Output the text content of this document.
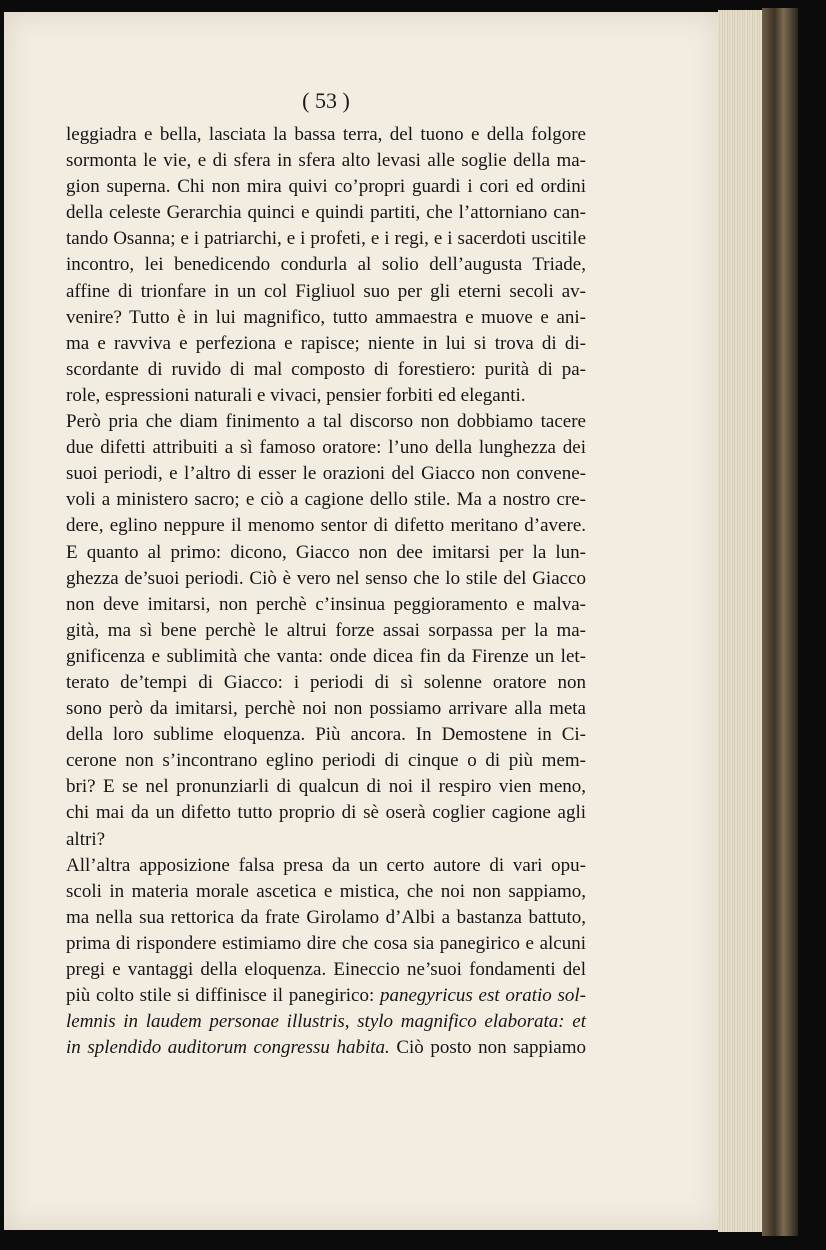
( 53 )
leggiadra e bella, lasciata la bassa terra, del tuono e della folgore
sormonta le vie, e di sfera in sfera alto levasi alle soglie della ma-
gion superna. Chi non mira quivi co’propri guardi i cori ed ordini
della celeste Gerarchia quinci e quindi partiti, che l’attorniano can-
tando Osanna; e i patriarchi, e i profeti, e i regi, e i sacerdoti uscitile
incontro, lei benedicendo condurla al solio dell’augusta Triade,
affine di trionfare in un col Figliuol suo per gli eterni secoli av-
venire? Tutto è in lui magnifico, tutto ammaestra e muove e ani-
ma e ravviva e perfeziona e rapisce; niente in lui si trova di di-
scordante di ruvido di mal composto di forestiero: purità di pa-
role, espressioni naturali e vivaci, pensier forbiti ed eleganti.
Però pria che diam finimento a tal discorso non dobbiamo tacere
due difetti attribuiti a sì famoso oratore: l’uno della lunghezza dei
suoi periodi, e l’altro di esser le orazioni del Giacco non convene-
voli a ministero sacro; e ciò a cagione dello stile. Ma a nostro cre-
dere, eglino neppure il menomo sentor di difetto meritano d’avere.
E quanto al primo: dicono, Giacco non dee imitarsi per la lun-
ghezza de’suoi periodi. Ciò è vero nel senso che lo stile del Giacco
non deve imitarsi, non perchè c’insinua peggioramento e malva-
gità, ma sì bene perchè le altrui forze assai sorpassa per la ma-
gnificenza e sublimità che vanta: onde dicea fin da Firenze un let-
terato de’tempi di Giacco: i periodi di sì solenne oratore non
sono però da imitarsi, perchè noi non possiamo arrivare alla meta
della loro sublime eloquenza. Più ancora. In Demostene in Ci-
cerone non s’incontrano eglino periodi di cinque o di più mem-
bri? E se nel pronunziarli di qualcun di noi il respiro vien meno,
chi mai da un difetto tutto proprio di sè oserà coglier cagione agli
altri?
All’altra apposizione falsa presa da un certo autore di vari opu-
scoli in materia morale ascetica e mistica, che noi non sappiamo,
ma nella sua rettorica da frate Girolamo d’Albi a bastanza battuto,
prima di rispondere estimiamo dire che cosa sia panegirico e alcuni
pregi e vantaggi della eloquenza. Eineccio ne’suoi fondamenti del
più colto stile si diffinisce il panegirico: panegyricus est oratio sol-
lemnis in laudem personae illustris, stylo magnifico elaborata: et
in splendido auditorum congressu habita. Ciò posto non sappiamo
